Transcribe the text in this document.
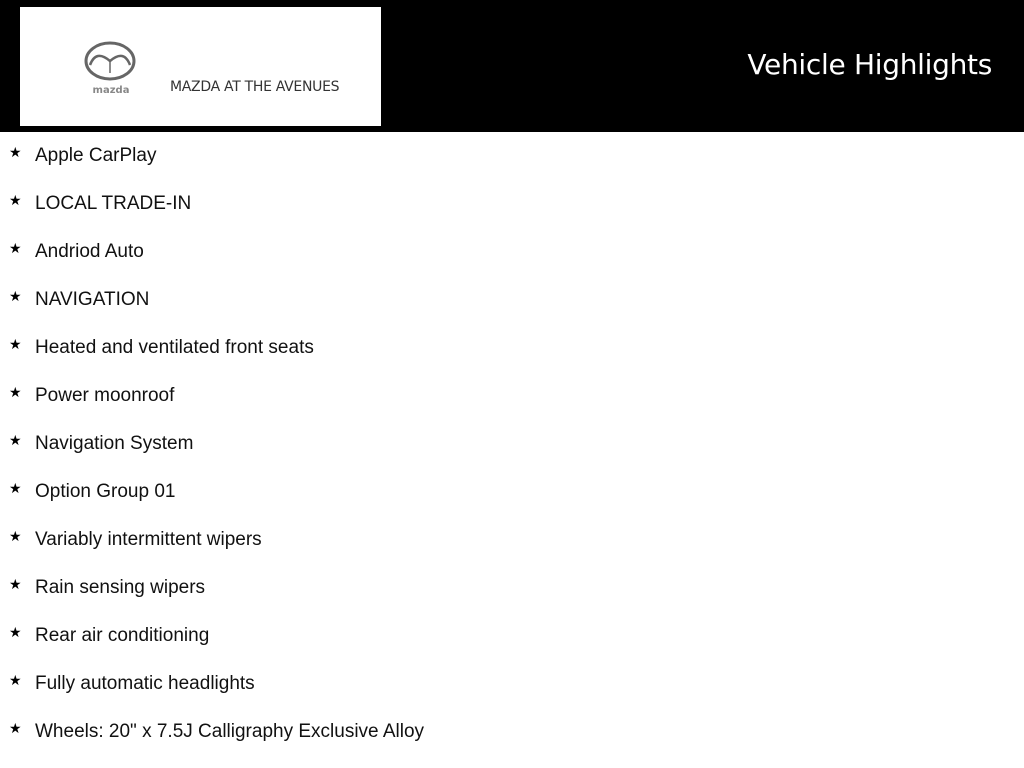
mazda	MAZDA AT THE AVENUES
Vehicle Highlights
★ Apple CarPlay
★ LOCAL TRADE-IN
★ Andriod Auto
★ NAVIGATION
★ Heated and ventilated front seats
★ Power moonroof
★ Navigation System
★ Option Group 01
★ Variably intermittent wipers
★ Rain sensing wipers
★ Rear air conditioning
★ Fully automatic headlights
★ Wheels: 20" x 7.5J Calligraphy Exclusive Alloy
